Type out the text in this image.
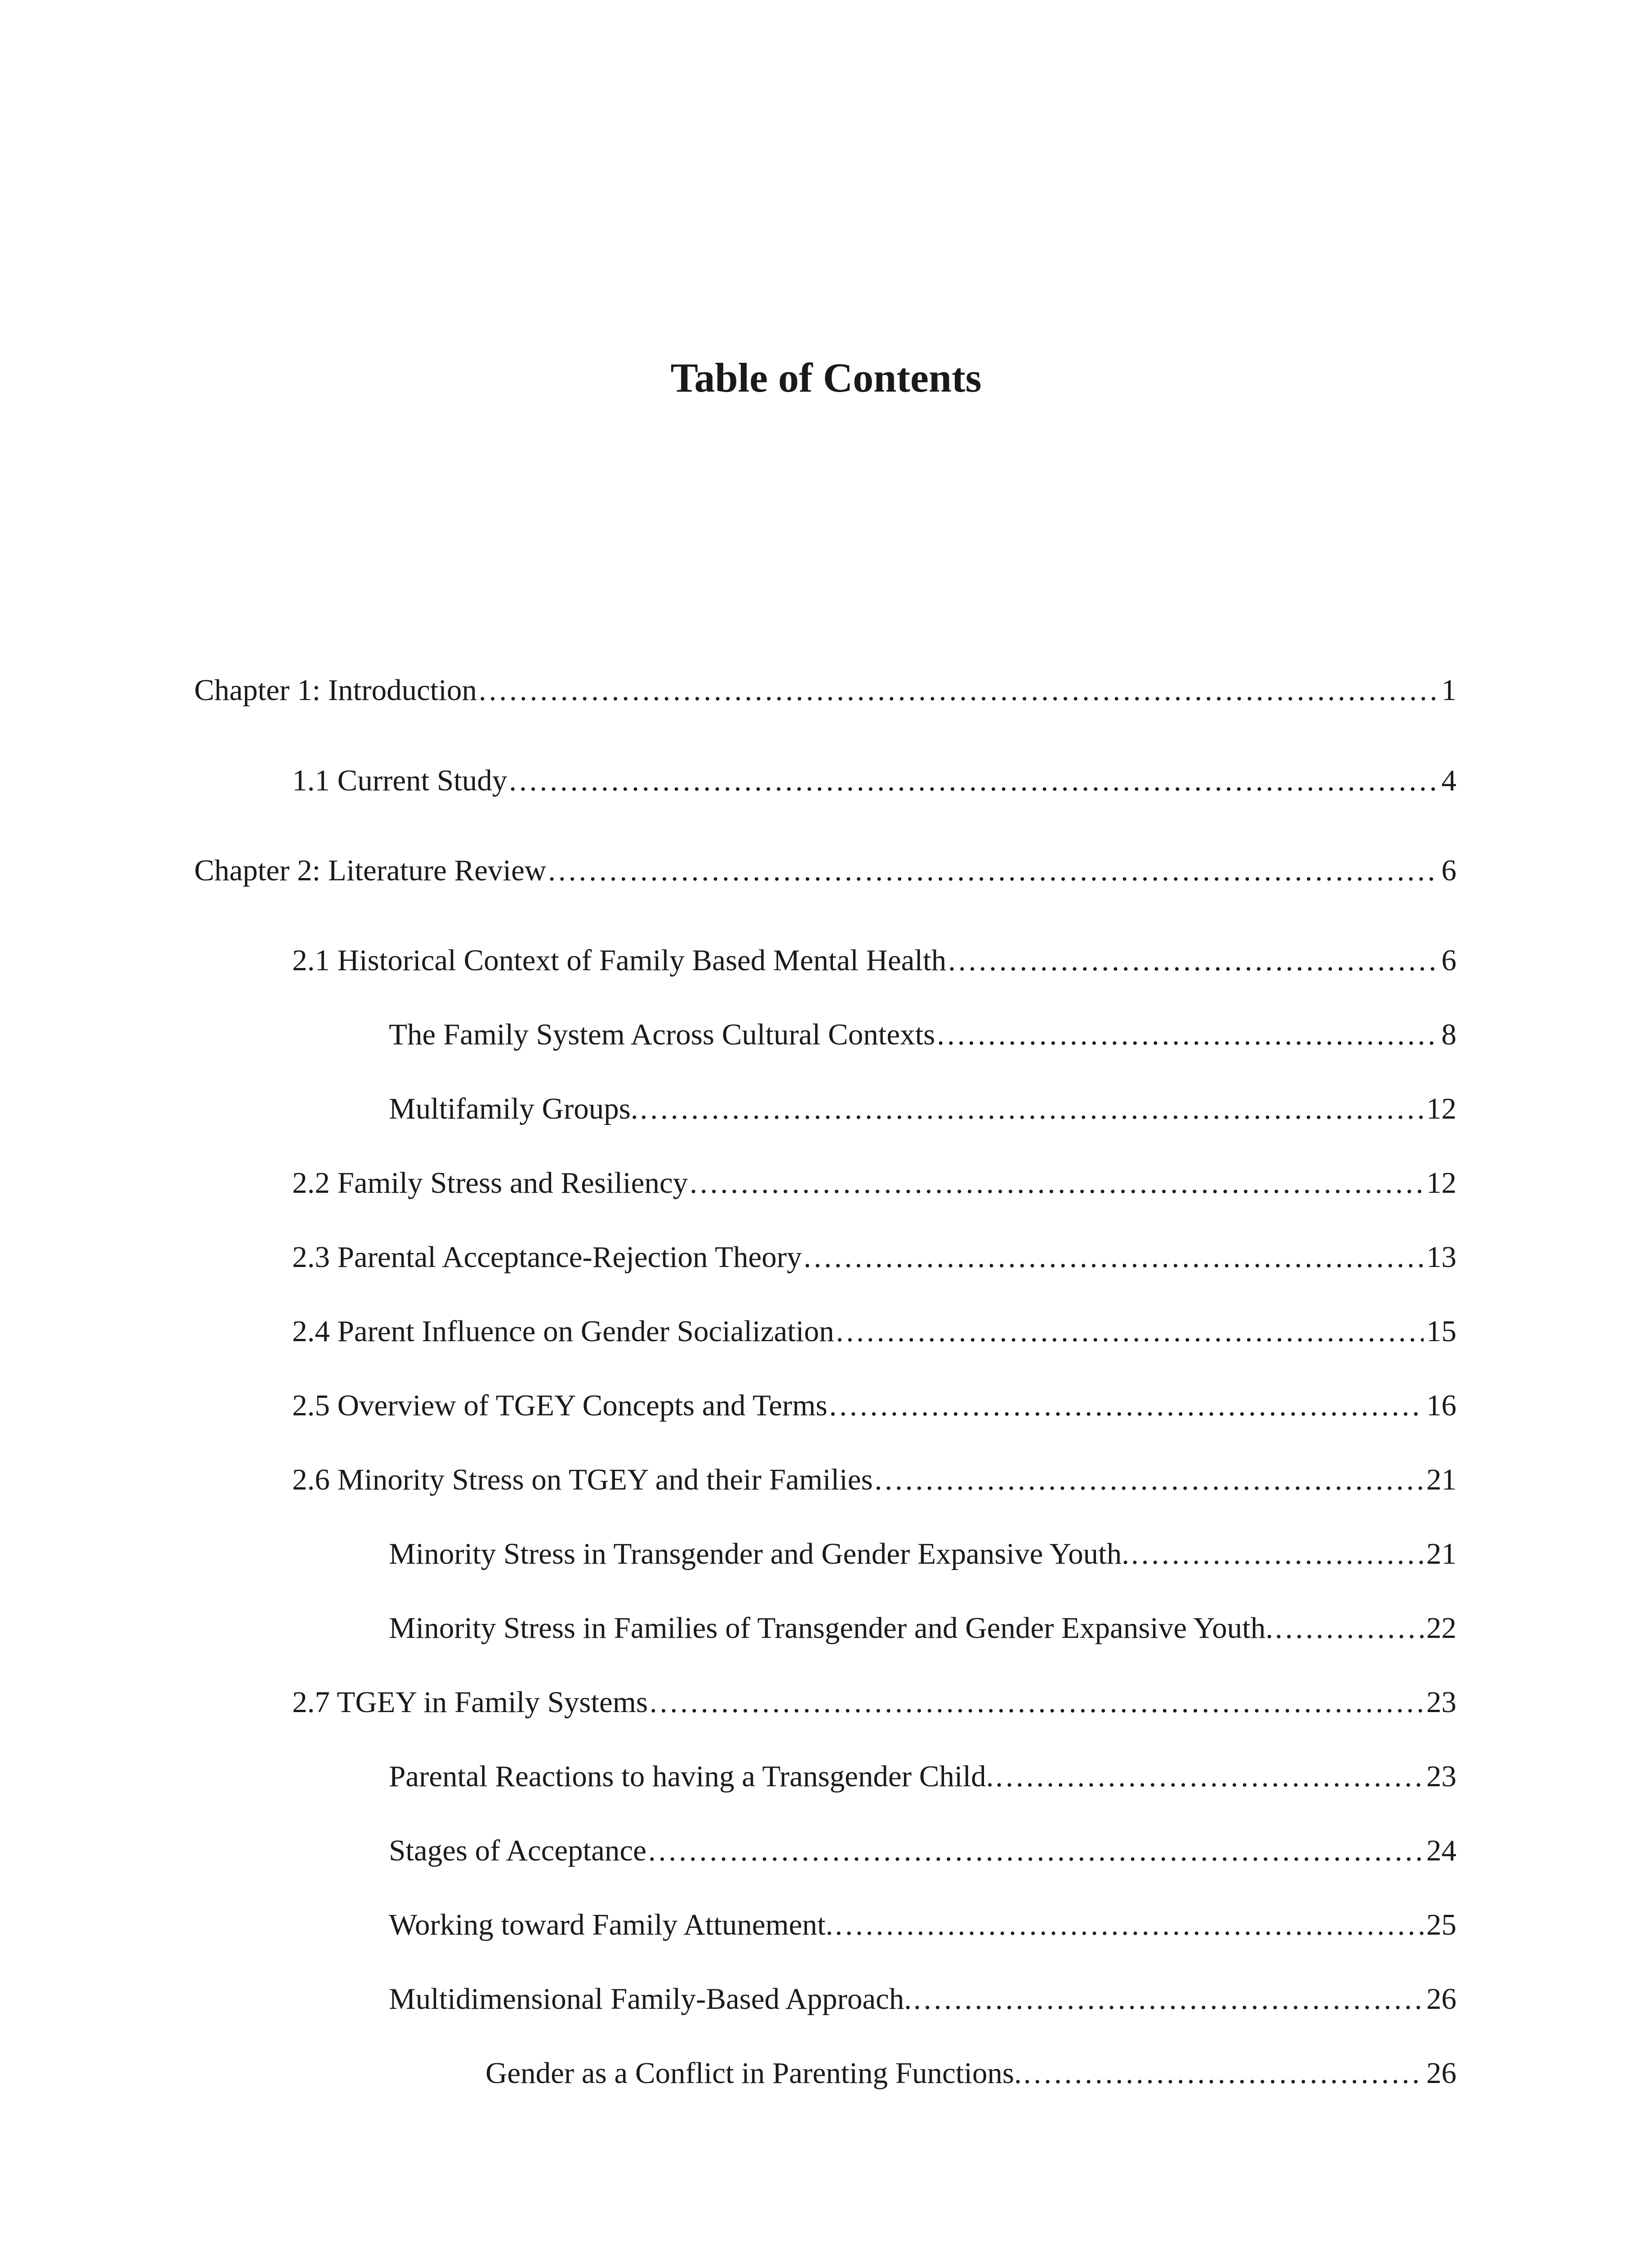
Table of Contents
Chapter 1: Introduction .....	1
1.1 Current Study .....	4
Chapter 2: Literature Review .....	6
2.1 Historical Context of Family Based Mental Health .....	6
The Family System Across Cultural Contexts .....	8
Multifamily Groups. .....	12
2.2 Family Stress and Resiliency .....	12
2.3 Parental Acceptance-Rejection Theory .....	13
2.4 Parent Influence on Gender Socialization .....	15
2.5 Overview of TGEY Concepts and Terms .....	16
2.6 Minority Stress on TGEY and their Families .....	21
Minority Stress in Transgender and Gender Expansive Youth. .....	21
Minority Stress in Families of Transgender and Gender Expansive Youth. .....	22
2.7 TGEY in Family Systems .....	23
Parental Reactions to having a Transgender Child. .....	23
Stages of Acceptance .....	24
Working toward Family Attunement. .....	25
Multidimensional Family-Based Approach. .....	26
Gender as a Conflict in Parenting Functions. .....	26
